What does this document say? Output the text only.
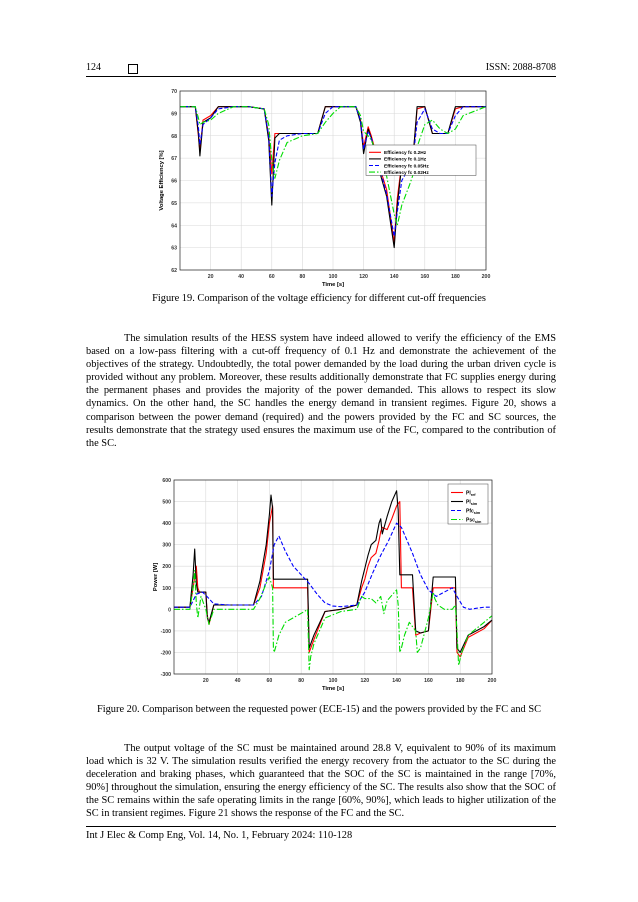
124	ISSN: 2088-8708
20	40	60	80	100	120	140	160	180	200
62
63
64
65
66
67
68
69
70
Time [s]
Voltage Efficiency [%]	Efficiency fc 0.2Hz
Efficiency fc 0.1Hz
Efficiency fc 0.05Hz
Efficiency fc 0.02Hz
Figure 19. Comparison of the voltage efficiency for different cut-off frequencies

The simulation results of the HESS system have indeed allowed to verify the efficiency of the EMS based on a low-pass filtering with a cut-off frequency of 0.1 Hz and demonstrate the achievement of the objectives of the strategy. Undoubtedly, the total power demanded by the load during the urban driven cycle is provided without any problem. Moreover, these results additionally demonstrate that FC supplies energy during the permanent phases and provides the majority of the power demanded. This allows to respect its slow dynamics. On the other hand, the SC handles the energy demand in transient regimes. Figure 20, shows a comparison between the power demand (required) and the powers provided by the FC and SC sources, the results demonstrate that the strategy used ensures the maximum use of the FC, compared to the contribution of the SC.

20	40	60	80	100	120	140	160	180	200
-300
-200
-100
0
100
200
300
400
500
600
Time [s]
Power [W]
$Pl_{ref}$
$Pl_{sim}$
Pfc$_{sim}$
Psc$_{sim}$
Figure 20. Comparison between the requested power (ECE-15) and the powers provided by the FC and SC

The output voltage of the SC must be maintained around 28.8 V, equivalent to 90% of its maximum load which is 32 V. The simulation results verified the energy recovery from the actuator to the SC during the deceleration and braking phases, which guaranteed that the SOC of the SC is maintained in the range [70%, 90%] throughout the simulation, ensuring the energy efficiency of the SC. The results also show that the SOC of the SC remains within the safe operating limits in the range [60%, 90%], which leads to higher utilization of the SC in transient regimes. Figure 21 shows the response of the FC and the SC.

Int J Elec & Comp Eng, Vol. 14, No. 1, February 2024: 110-128
